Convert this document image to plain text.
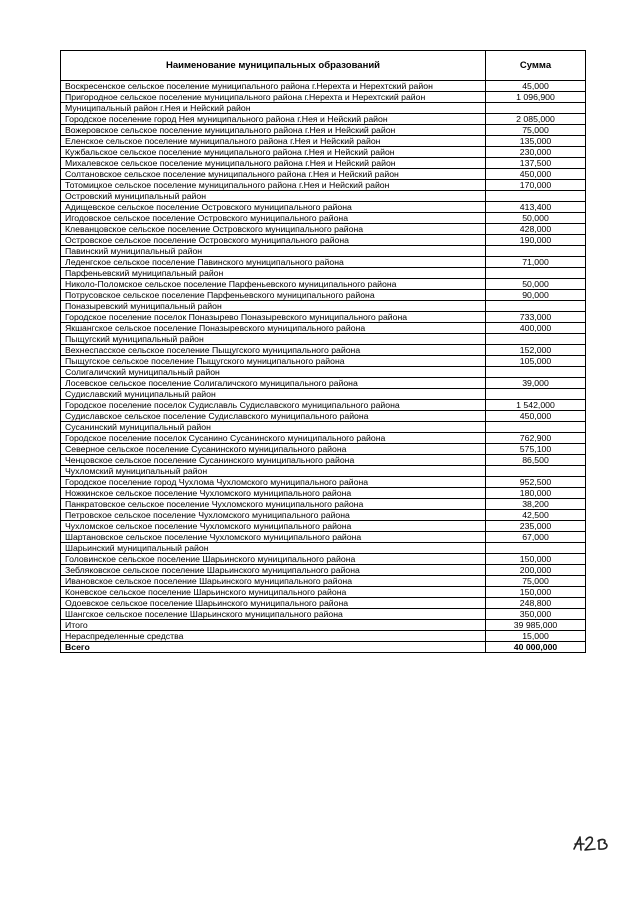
Наименование муниципальных образований	Сумма
Воскресенское сельское поселение муниципального района г.Нерехта и Нерехтский район	45,000
Пригородное сельское поселение муниципального района г.Нерехта и Нерехтский район	1 096,900
Муниципальный район г.Нея и Нейский район	
Городское поселение город Нея муниципального района г.Нея и Нейский район	2 085,000
Вожеровское сельское поселение муниципального района г.Нея и Нейский район	75,000
Еленское сельское поселение муниципального района г.Нея и Нейский район	135,000
Кужбальское сельское поселение муниципального района г.Нея и Нейский район	230,000
Михалевское сельское поселение муниципального района г.Нея и Нейский район	137,500
Солтановское сельское поселение муниципального района г.Нея и Нейский район	450,000
Тотомицкое сельское поселение муниципального района г.Нея и Нейский район	170,000
Островский муниципальный район	
Адищевское сельское поселение Островского муниципального района	413,400
Игодовское сельское поселение Островского муниципального района	50,000
Клеванцовское сельское поселение Островского муниципального района	428,000
Островское сельское поселение Островского муниципального района	190,000
Павинский муниципальный район	
Леденгское сельское поселение Павинского муниципального района	71,000
Парфеньевский муниципальный район	
Николо-Поломское сельское поселение Парфеньевского муниципального района	50,000
Потрусовское сельское поселение Парфеньевского муниципального района	90,000
Поназыревский муниципальный район	
Городское поселение поселок Поназырево Поназыревского муниципального района	733,000
Якшангское сельское поселение Поназыревского муниципального района	400,000
Пыщугский муниципальный район	
Вехнеспасское сельское поселение Пыщугского муниципального района	152,000
Пыщугское сельское поселение Пыщугского муниципального района	105,000
Солигаличский муниципальный район	
Лосевское сельское поселение Солигаличского муниципального района	39,000
Судиславский муниципальный район	
Городское поселение поселок Судиславль Судиславского муниципального района	1 542,000
Судиславское сельское поселение Судиславского муниципального района	450,000
Сусанинский муниципальный район	
Городское поселение поселок Сусанино Сусанинского муниципального района	762,900
Северное сельское поселение Сусанинского муниципального района	575,100
Ченцовское сельское поселение Сусанинского муниципального района	86,500
Чухломский муниципальный район	
Городское поселение город Чухлома Чухломского муниципального района	952,500
Ножкинское сельское поселение Чухломского муниципального района	180,000
Панкратовское сельское поселение Чухломского муниципального района	38,200
Петровское сельское поселение Чухломского муниципального района	42,500
Чухломское сельское поселение Чухломского муниципального района	235,000
Шартановское сельское поселение Чухломского муниципального района	67,000
Шарьинский муниципальный район	
Головинское сельское поселение Шарьинского муниципального района	150,000
Зебляковское сельское поселение Шарьинского муниципального района	200,000
Ивановское сельское поселение Шарьинского муниципального района	75,000
Коневское сельское поселение Шарьинского муниципального района	150,000
Одоевское сельское поселение Шарьинского муниципального района	248,800
Шангское сельское поселение Шарьинского муниципального района	350,000
Итого	39 985,000
Нераспределенные средства	15,000
Всего	40 000,000
